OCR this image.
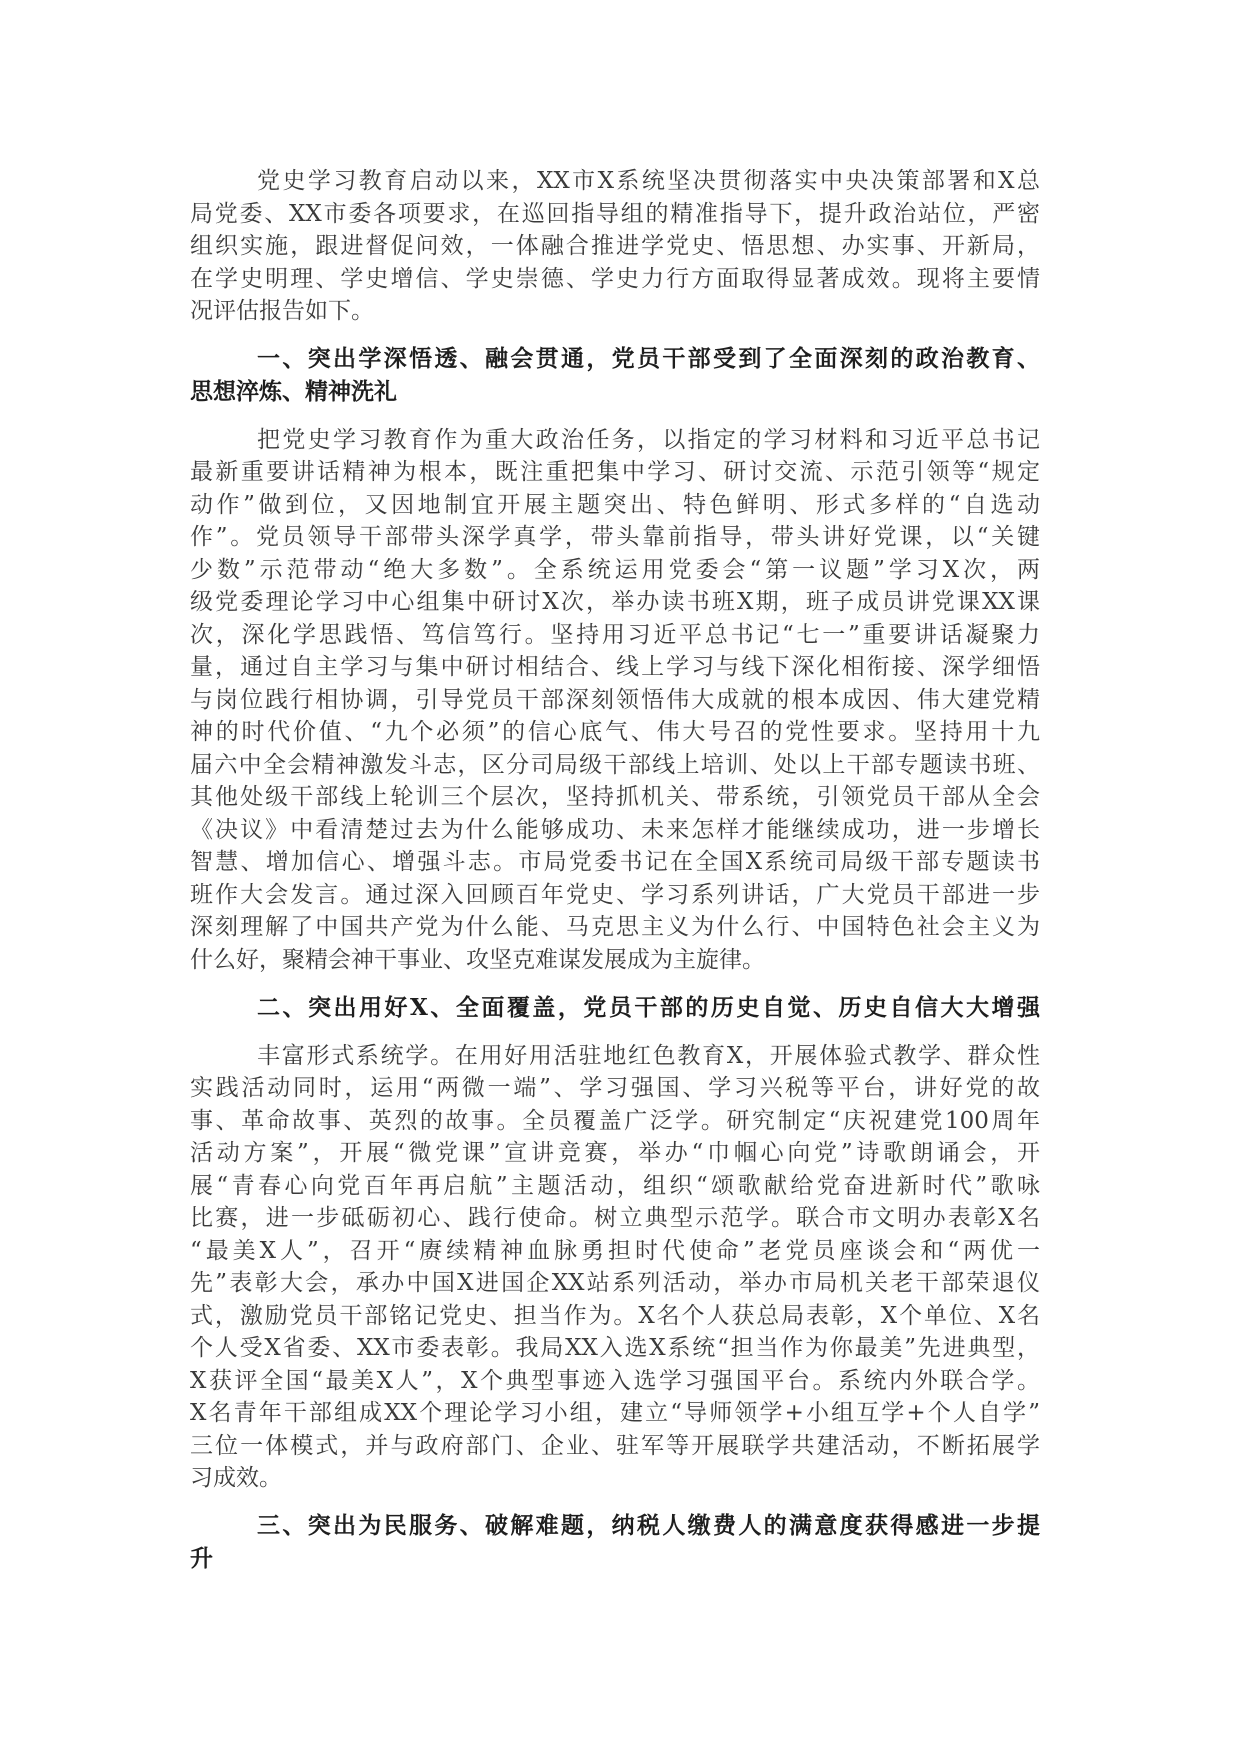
党史学习教育启动以来，XX市X系统坚决贯彻落实中央决策部署和X总
局党委、XX市委各项要求，在巡回指导组的精准指导下，提升政治站位，严密
组织实施，跟进督促问效，一体融合推进学党史、悟思想、办实事、开新局，
在学史明理、学史增信、学史崇德、学史力行方面取得显著成效。现将主要情
况评估报告如下。
一、突出学深悟透、融会贯通，党员干部受到了全面深刻的政治教育、
思想淬炼、精神洗礼
把党史学习教育作为重大政治任务，以指定的学习材料和习近平总书记
最新重要讲话精神为根本，既注重把集中学习、研讨交流、示范引领等“规定
动作”做到位，又因地制宜开展主题突出、特色鲜明、形式多样的“自选动
作”。党员领导干部带头深学真学，带头靠前指导，带头讲好党课，以“关键
少数”示范带动“绝大多数”。全系统运用党委会“第一议题”学习X次，两
级党委理论学习中心组集中研讨X次，举办读书班X期，班子成员讲党课XX课
次，深化学思践悟、笃信笃行。坚持用习近平总书记“七一”重要讲话凝聚力
量，通过自主学习与集中研讨相结合、线上学习与线下深化相衔接、深学细悟
与岗位践行相协调，引导党员干部深刻领悟伟大成就的根本成因、伟大建党精
神的时代价值、“九个必须”的信心底气、伟大号召的党性要求。坚持用十九
届六中全会精神激发斗志，区分司局级干部线上培训、处以上干部专题读书班、
其他处级干部线上轮训三个层次，坚持抓机关、带系统，引领党员干部从全会
《决议》中看清楚过去为什么能够成功、未来怎样才能继续成功，进一步增长
智慧、增加信心、增强斗志。市局党委书记在全国X系统司局级干部专题读书
班作大会发言。通过深入回顾百年党史、学习系列讲话，广大党员干部进一步
深刻理解了中国共产党为什么能、马克思主义为什么行、中国特色社会主义为
什么好，聚精会神干事业、攻坚克难谋发展成为主旋律。
二、突出用好X、全面覆盖，党员干部的历史自觉、历史自信大大增强
丰富形式系统学。在用好用活驻地红色教育X，开展体验式教学、群众性
实践活动同时，运用“两微一端”、学习强国、学习兴税等平台，讲好党的故
事、革命故事、英烈的故事。全员覆盖广泛学。研究制定“庆祝建党100周年
活动方案”，开展“微党课”宣讲竞赛，举办“巾帼心向党”诗歌朗诵会，开
展“青春心向党百年再启航”主题活动，组织“颂歌献给党奋进新时代”歌咏
比赛，进一步砥砺初心、践行使命。树立典型示范学。联合市文明办表彰X名
“最美X人”，召开“赓续精神血脉勇担时代使命”老党员座谈会和“两优一
先”表彰大会，承办中国X进国企XX站系列活动，举办市局机关老干部荣退仪
式，激励党员干部铭记党史、担当作为。X名个人获总局表彰，X个单位、X名
个人受X省委、XX市委表彰。我局XX入选X系统“担当作为你最美”先进典型，
X获评全国“最美X人”，X个典型事迹入选学习强国平台。系统内外联合学。
X名青年干部组成XX个理论学习小组，建立“导师领学+小组互学+个人自学”
三位一体模式，并与政府部门、企业、驻军等开展联学共建活动，不断拓展学
习成效。
三、突出为民服务、破解难题，纳税人缴费人的满意度获得感进一步提
升
